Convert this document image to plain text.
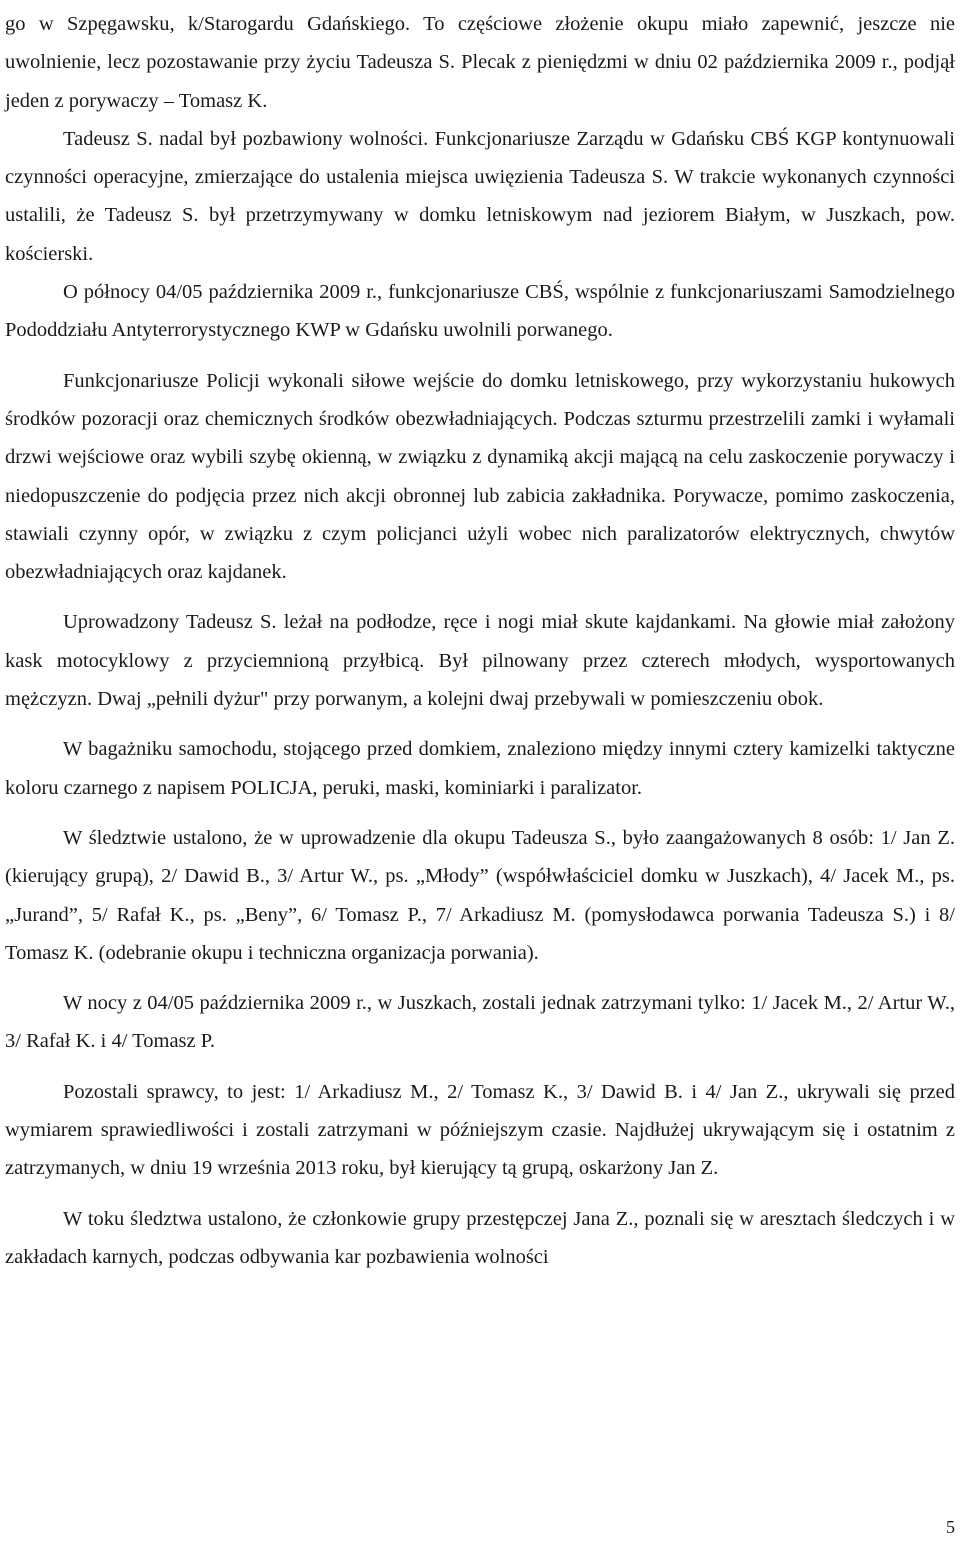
go w Szpęgawsku, k/Starogardu Gdańskiego. To częściowe złożenie okupu miało zapewnić, jeszcze nie uwolnienie, lecz pozostawanie przy życiu Tadeusza S. Plecak z pieniędzmi w dniu 02 października 2009 r., podjął jeden z porywaczy – Tomasz K.

Tadeusz S. nadal był pozbawiony wolności. Funkcjonariusze Zarządu w Gdańsku CBŚ KGP kontynuowali czynności operacyjne, zmierzające do ustalenia miejsca uwięzienia Tadeusza S. W trakcie wykonanych czynności ustalili, że Tadeusz S. był przetrzymywany w domku letniskowym nad jeziorem Białym, w Juszkach, pow. kościerski.

O północy 04/05 października 2009 r., funkcjonariusze CBŚ, wspólnie z funkcjonariuszami Samodzielnego Pododdziału Antyterrorystycznego KWP w Gdańsku uwolnili porwanego.

Funkcjonariusze Policji wykonali siłowe wejście do domku letniskowego, przy wykorzystaniu hukowych środków pozoracji oraz chemicznych środków obezwładniających. Podczas szturmu przestrzelili zamki i wyłamali drzwi wejściowe oraz wybili szybę okienną, w związku z dynamiką akcji mającą na celu zaskoczenie porywaczy i niedopuszczenie do podjęcia przez nich akcji obronnej lub zabicia zakładnika. Porywacze, pomimo zaskoczenia, stawiali czynny opór, w związku z czym policjanci użyli wobec nich paralizatorów elektrycznych, chwytów obezwładniających oraz kajdanek.

Uprowadzony Tadeusz S. leżał na podłodze, ręce i nogi miał skute kajdankami. Na głowie miał założony kask motocyklowy z przyciemnioną przyłbicą. Był pilnowany przez czterech młodych, wysportowanych mężczyzn. Dwaj „pełnili dyżur" przy porwanym, a kolejni dwaj przebywali w pomieszczeniu obok.

W bagażniku samochodu, stojącego przed domkiem, znaleziono między innymi cztery kamizelki taktyczne koloru czarnego z napisem POLICJA, peruki, maski, kominiarki i paralizator.

W śledztwie ustalono, że w uprowadzenie dla okupu Tadeusza S., było zaangażowanych 8 osób: 1/ Jan Z. (kierujący grupą), 2/ Dawid B., 3/ Artur W., ps. „Młody” (współwłaściciel domku w Juszkach), 4/ Jacek M., ps. „Jurand”, 5/ Rafał K., ps. „Beny”, 6/ Tomasz P., 7/ Arkadiusz M. (pomysłodawca porwania Tadeusza S.) i 8/ Tomasz K. (odebranie okupu i techniczna organizacja porwania).

W nocy z 04/05 października 2009 r., w Juszkach, zostali jednak zatrzymani tylko: 1/ Jacek M., 2/ Artur W., 3/ Rafał K. i 4/ Tomasz P.

Pozostali sprawcy, to jest: 1/ Arkadiusz M., 2/ Tomasz K., 3/ Dawid B. i 4/ Jan Z., ukrywali się przed wymiarem sprawiedliwości i zostali zatrzymani w późniejszym czasie. Najdłużej ukrywającym się i ostatnim z zatrzymanych, w dniu 19 września 2013 roku, był kierujący tą grupą, oskarżony Jan Z.

W toku śledztwa ustalono, że członkowie grupy przestępczej Jana Z., poznali się w aresztach śledczych i w zakładach karnych, podczas odbywania kar pozbawienia wolności

5
